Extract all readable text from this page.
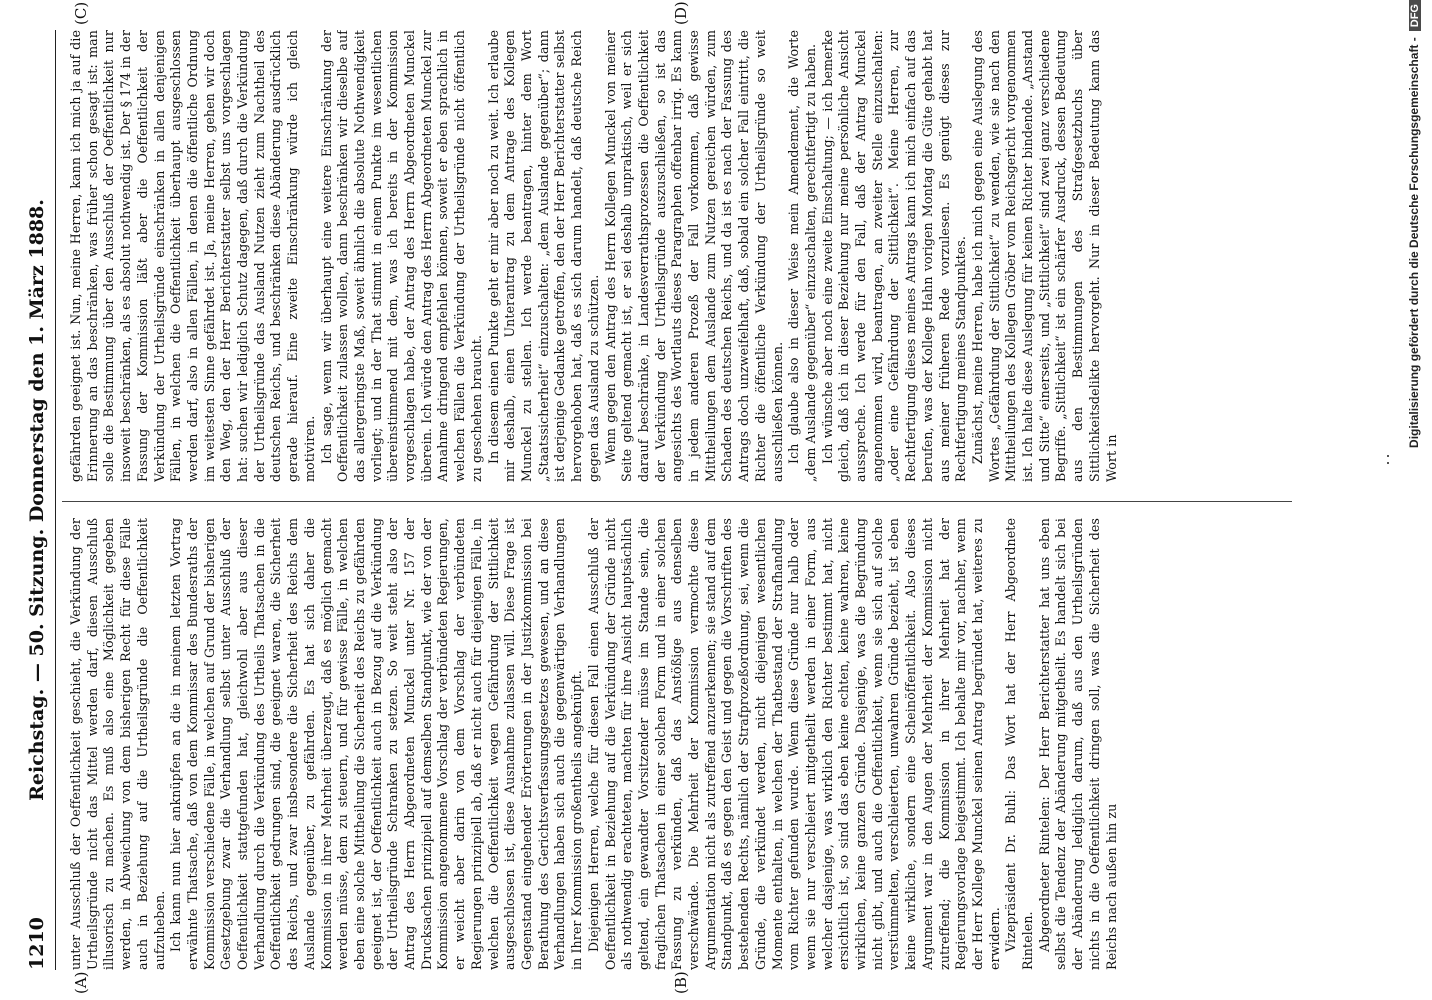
1210
Reichstag. — 50. Sitzung. Donnerstag den 1. März 1888.
(A)	(B)
(C)	(D)

unter Ausschluß der Oeffentlichkeit geschieht, die Verkündung der Urtheilsgründe nicht das Mittel werden darf, diesen Ausschluß illusorisch zu machen. Es muß also eine Möglichkeit gegeben werden, in Abweichung von dem bisherigen Recht für diese Fälle auch in Beziehung auf die Urtheilsgründe die Oeffentlichkeit aufzuheben. Ich kann nun hier anknüpfen an die in meinem letzten Vortrag erwähnte Thatsache, daß von dem Kommissar des Bundesraths der Kommission verschiedene Fälle, in welchen auf Grund der bisherigen Gesetzgebung zwar die Verhandlung selbst unter Ausschluß der Oeffentlichkeit stattgefunden hat, gleichwohl aber aus dieser Verhandlung durch die Verkündung des Urtheils Thatsachen in die Oeffentlichkeit gedrungen sind, die geeignet waren, die Sicherheit des Reichs, und zwar insbesondere die Sicherheit des Reichs dem Auslande gegenüber, zu gefährden. Es hat sich daher die Kommission in ihrer Mehrheit überzeugt, daß es möglich gemacht werden müsse, dem zu steuern, und für gewisse Fälle, in welchen eben eine solche Mittheilung die Sicherheit des Reichs zu gefährden geeignet ist, der Oeffentlichkeit auch in Bezug auf die Verkündung der Urtheilsgründe Schranken zu setzen. So weit steht also der Antrag des Herrn Abgeordneten Munckel unter Nr. 157 der Drucksachen prinzipiell auf demselben Standpunkt, wie der von der Kommission angenommene Vorschlag der verbündeten Regierungen, er weicht aber darin von dem Vorschlag der verbündeten Regierungen prinzipiell ab, daß er nicht auch für diejenigen Fälle, in welchen die Oeffentlichkeit wegen Gefährdung der Sittlichkeit ausgeschlossen ist, diese Ausnahme zulassen will. Diese Frage ist Gegenstand eingehender Erörterungen in der Justizkommission bei Berathung des Gerichtsverfassungsgesetzes gewesen, und an diese Verhandlungen haben sich auch die gegenwärtigen Verhandlungen in Ihrer Kommission großentheils angeknüpft. Diejenigen Herren, welche für diesen Fall einen Ausschluß der Oeffentlichkeit in Beziehung auf die Verkündung der Gründe nicht als nothwendig erachteten, machten für ihre Ansicht hauptsächlich geltend, ein gewandter Vorsitzender müsse im Stande sein, die fraglichen Thatsachen in einer solchen Form und in einer solchen Fassung zu verkünden, daß das Anstößige aus denselben verschwände. Die Mehrheit der Kommission vermochte diese Argumentation nicht als zutreffend anzuerkennen; sie stand auf dem Standpunkt, daß es gegen den Geist und gegen die Vorschriften des bestehenden Rechts, nämlich der Strafprozeßordnung, sei, wenn die Gründe, die verkündet werden, nicht diejenigen wesentlichen Momente enthalten, in welchen der Thatbestand der Strafhandlung vom Richter gefunden wurde. Wenn diese Gründe nur halb oder wenn sie nur verschleiert mitgetheilt werden in einer Form, aus welcher dasjenige, was wirklich den Richter bestimmt hat, nicht ersichtlich ist, so sind das eben keine echten, keine wahren, keine wirklichen, keine ganzen Gründe. Dasjenige, was die Begründung nicht gibt, und auch die Oeffentlichkeit, wenn sie sich auf solche verstümmelten, verschleierten, unwahren Gründe bezieht, ist eben keine wirkliche, sondern eine Scheinöffentlichkeit. Also dieses Argument war in den Augen der Mehrheit der Kommission nicht zutreffend; die Kommission in ihrer Mehrheit hat der Regierungsvorlage beigestimmt. Ich behalte mir vor, nachher, wenn der Herr Kollege Munckel seinen Antrag begründet hat, weiteres zu erwidern. Vizepräsident Dr. Buhl: Das Wort hat der Herr Abgeordnete Rintelen. Abgeordneter Rintelen: Der Herr Berichterstatter hat uns eben selbst die Tendenz der Abänderung mitgetheilt. Es handelt sich bei der Abänderung lediglich darum, daß aus den Urtheilsgründen nichts in die Oeffentlichkeit dringen soll, was die Sicherheit des Reichs nach außen hin zu

gefährden geeignet ist. Nun, meine Herren, kann ich mich ja auf die Erinnerung an das beschränken, was früher schon gesagt ist: man solle die Bestimmung über den Ausschluß der Oeffentlichkeit nur insoweit beschränken, als es absolut nothwendig ist. Der § 174 in der Fassung der Kommission läßt aber die Oeffentlichkeit der Verkündung der Urtheilsgründe einschränken in allen denjenigen Fällen, in welchen die Oeffentlichkeit überhaupt ausgeschlossen werden darf, also in allen Fällen, in denen die öffentliche Ordnung im weitesten Sinne gefährdet ist. Ja, meine Herren, gehen wir doch den Weg, den der Herr Berichterstatter selbst uns vorgeschlagen hat: suchen wir lediglich Schutz dagegen, daß durch die Verkündung der Urtheilsgründe das Ausland Nutzen zieht zum Nachtheil des deutschen Reichs, und beschränken diese Abänderung ausdrücklich gerade hierauf. Eine zweite Einschränkung würde ich gleich motiviren. Ich sage, wenn wir überhaupt eine weitere Einschränkung der Oeffentlichkeit zulassen wollen, dann beschränken wir dieselbe auf das allergeringste Maß, soweit ähnlich die absolute Nothwendigkeit vorliegt; und in der That stimmt in einem Punkte im wesentlichen übereinstimmend mit dem, was ich bereits in der Kommission vorgeschlagen habe, der Antrag des Herrn Abgeordneten Munckel überein. Ich würde den Antrag des Herrn Abgeordneten Munckel zur Annahme dringend empfehlen können, soweit er eben sprachlich in welchen Fällen die Verkündung der Urtheilsgründe nicht öffentlich zu geschehen braucht. In diesem einen Punkte geht er mir aber noch zu weit. Ich erlaube mir deshalb, einen Unterantrag zu dem Antrage des Kollegen Munckel zu stellen. Ich werde beantragen, hinter dem Wort „Staatssicherheit“ einzuschalten: „dem Auslande gegenüber“; dann ist derjenige Gedanke getroffen, den der Herr Berichterstatter selbst hervorgehoben hat, daß es sich darum handelt, daß deutsche Reich gegen das Ausland zu schützen. Wenn gegen den Antrag des Herrn Kollegen Munckel von meiner Seite geltend gemacht ist, er sei deshalb unpraktisch, weil er sich darauf beschränke, in Landesverrathsprozessen die Oeffentlichkeit der Verkündung der Urtheilsgründe auszuschließen, so ist das angesichts des Wortlauts dieses Paragraphen offenbar irrig. Es kann in jedem anderen Prozeß der Fall vorkommen, daß gewisse Mittheilungen dem Auslande zum Nutzen gereichen würden, zum Schaden des deutschen Reichs, und da ist es nach der Fassung des Antrags doch unzweifelhaft, daß, sobald ein solcher Fall eintritt, die Richter die öffentliche Verkündung der Urtheilsgründe so weit ausschließen können. Ich glaube also in dieser Weise mein Amendement, die Worte „dem Auslande gegenüber“ einzuschalten, gerechtfertigt zu haben. Ich wünsche aber noch eine zweite Einschaltung; — ich bemerke gleich, daß ich in dieser Beziehung nur meine persönliche Ansicht ausspreche. Ich werde für den Fall, daß der Antrag Munckel angenommen wird, beantragen, an zweiter Stelle einzuschalten: „oder eine Gefährdung der Sittlichkeit“. Meine Herren, zur Rechtfertigung dieses meines Antrags kann ich mich einfach auf das berufen, was der Kollege Hahn vorigen Montag die Güte gehabt hat aus meiner früheren Rede vorzulesen. Es genügt dieses zur Rechtfertigung meines Standpunktes. Zunächst, meine Herren, habe ich mich gegen eine Auslegung des Wortes „Gefährdung der Sittlichkeit“ zu wenden, wie sie nach den Mittheilungen des Kollegen Gröber vom Reichsgericht vorgenommen ist. Ich halte diese Auslegung für keinen Richter bindende. „Anstand und Sitte“ einerseits, und „Sittlichkeit“ sind zwei ganz verschiedene Begriffe. „Sittlichkeit“ ist ein schärfer Ausdruck, dessen Bedeutung aus den Bestimmungen des Strafgesetzbuchs über Sittlichkeitsdelikte hervorgeht. Nur in dieser Bedeutung kann das Wort in

Digitalisierung gefördert durch die Deutsche Forschungsgemeinschaft -DFG
